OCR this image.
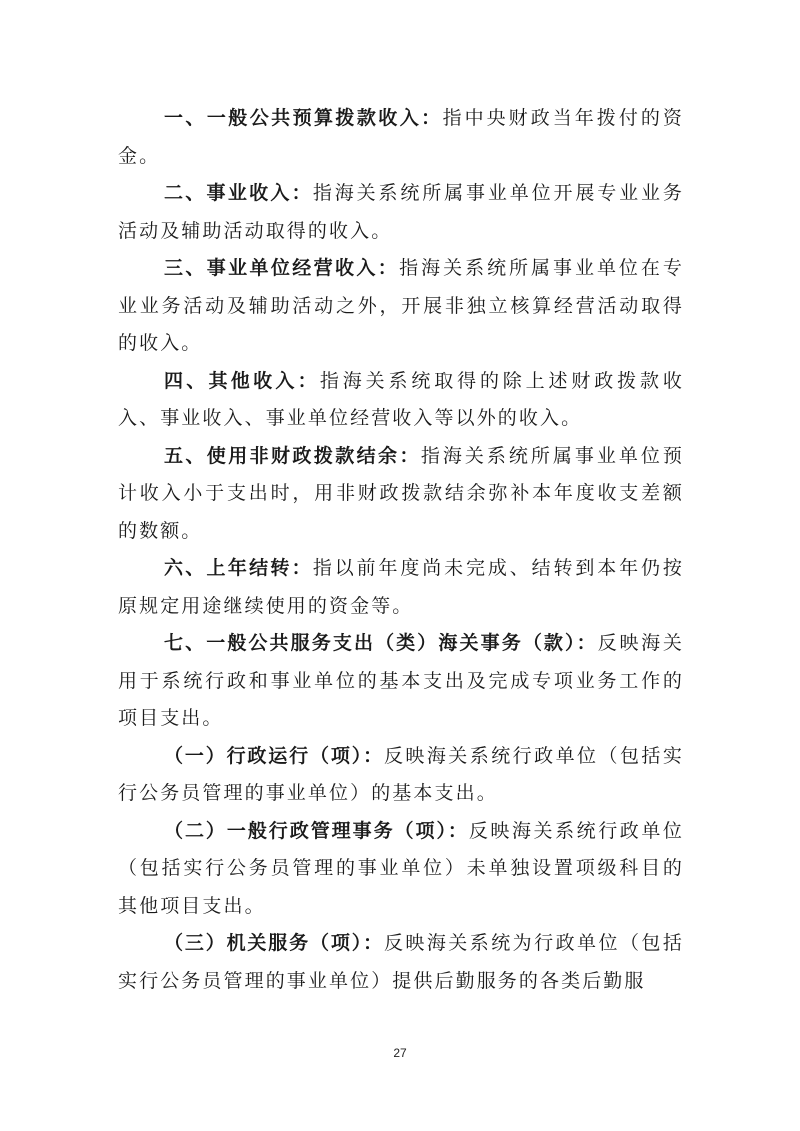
一、一般公共预算拨款收入：指中央财政当年拨付的资金。

二、事业收入：指海关系统所属事业单位开展专业业务活动及辅助活动取得的收入。

三、事业单位经营收入：指海关系统所属事业单位在专业业务活动及辅助活动之外，开展非独立核算经营活动取得的收入。

四、其他收入：指海关系统取得的除上述财政拨款收入、事业收入、事业单位经营收入等以外的收入。

五、使用非财政拨款结余：指海关系统所属事业单位预计收入小于支出时，用非财政拨款结余弥补本年度收支差额的数额。

六、上年结转：指以前年度尚未完成、结转到本年仍按原规定用途继续使用的资金等。

七、一般公共服务支出（类）海关事务（款）：反映海关用于系统行政和事业单位的基本支出及完成专项业务工作的项目支出。

（一）行政运行（项）：反映海关系统行政单位（包括实行公务员管理的事业单位）的基本支出。

（二）一般行政管理事务（项）：反映海关系统行政单位（包括实行公务员管理的事业单位）未单独设置项级科目的其他项目支出。

（三）机关服务（项）：反映海关系统为行政单位（包括实行公务员管理的事业单位）提供后勤服务的各类后勤服

27
